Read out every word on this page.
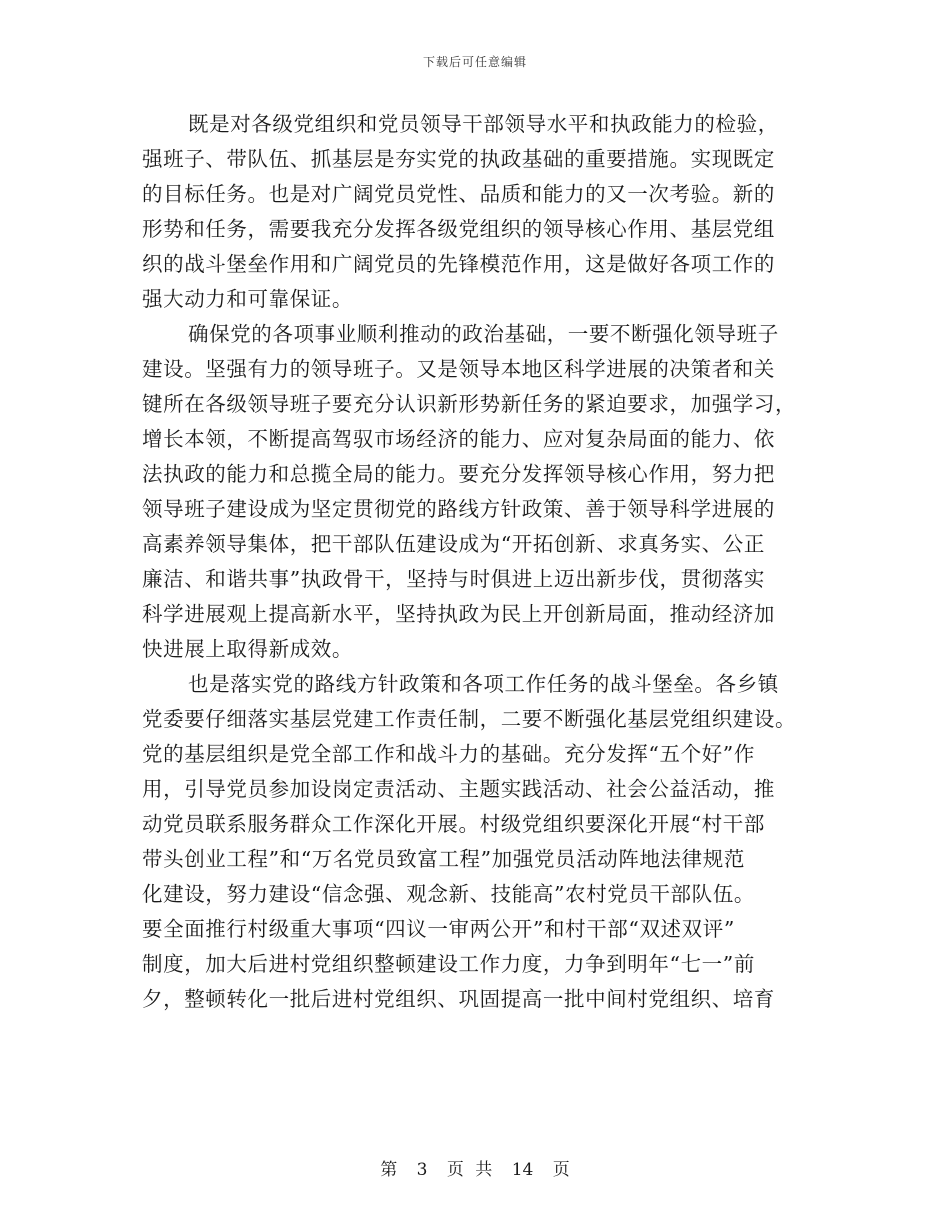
下载后可任意编辑
既是对各级党组织和党员领导干部领导水平和执政能力的检验，
强班子、带队伍、抓基层是夯实党的执政基础的重要措施。实现既定
的目标任务。也是对广阔党员党性、品质和能力的又一次考验。新的
形势和任务，需要我充分发挥各级党组织的领导核心作用、基层党组
织的战斗堡垒作用和广阔党员的先锋模范作用，这是做好各项工作的
强大动力和可靠保证。
确保党的各项事业顺利推动的政治基础，一要不断强化领导班子
建设。坚强有力的领导班子。又是领导本地区科学进展的决策者和关
键所在各级领导班子要充分认识新形势新任务的紧迫要求，加强学习，
增长本领，不断提高驾驭市场经济的能力、应对复杂局面的能力、依
法执政的能力和总揽全局的能力。要充分发挥领导核心作用，努力把
领导班子建设成为坚定贯彻党的路线方针政策、善于领导科学进展的
高素养领导集体，把干部队伍建设成为“开拓创新、求真务实、公正
廉洁、和谐共事”执政骨干，坚持与时俱进上迈出新步伐，贯彻落实
科学进展观上提高新水平，坚持执政为民上开创新局面，推动经济加
快进展上取得新成效。
也是落实党的路线方针政策和各项工作任务的战斗堡垒。各乡镇
党委要仔细落实基层党建工作责任制，二要不断强化基层党组织建设。
党的基层组织是党全部工作和战斗力的基础。充分发挥“五个好”作
用，引导党员参加设岗定责活动、主题实践活动、社会公益活动，推
动党员联系服务群众工作深化开展。村级党组织要深化开展“村干部
带头创业工程”和“万名党员致富工程”加强党员活动阵地法律规范
化建设，努力建设“信念强、观念新、技能高”农村党员干部队伍。
要全面推行村级重大事项“四议一审两公开”和村干部“双述双评”
制度，加大后进村党组织整顿建设工作力度，力争到明年“七一”前
夕，整顿转化一批后进村党组织、巩固提高一批中间村党组织、培育
第 3 页 共 14 页
